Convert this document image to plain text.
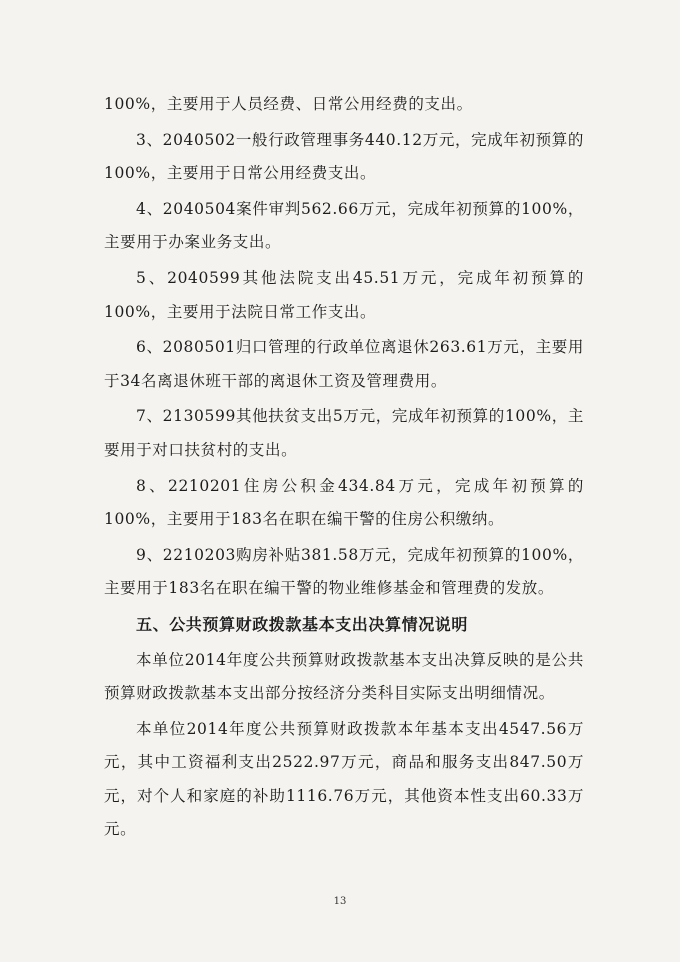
100%，主要用于人员经费、日常公用经费的支出。

3、2040502一般行政管理事务440.12万元，完成年初预算的100%，主要用于日常公用经费支出。

4、2040504案件审判562.66万元，完成年初预算的100%，主要用于办案业务支出。

5、2040599其他法院支出45.51万元，完成年初预算的100%，主要用于法院日常工作支出。

6、2080501归口管理的行政单位离退休263.61万元，主要用于34名离退休班干部的离退休工资及管理费用。

7、2130599其他扶贫支出5万元，完成年初预算的100%，主要用于对口扶贫村的支出。

8、2210201住房公积金434.84万元，完成年初预算的100%，主要用于183名在职在编干警的住房公积缴纳。

9、2210203购房补贴381.58万元，完成年初预算的100%，主要用于183名在职在编干警的物业维修基金和管理费的发放。

五、公共预算财政拨款基本支出决算情况说明

本单位2014年度公共预算财政拨款基本支出决算反映的是公共预算财政拨款基本支出部分按经济分类科目实际支出明细情况。

本单位2014年度公共预算财政拨款本年基本支出4547.56万元，其中工资福利支出2522.97万元，商品和服务支出847.50万元，对个人和家庭的补助1116.76万元，其他资本性支出60.33万元。

13
